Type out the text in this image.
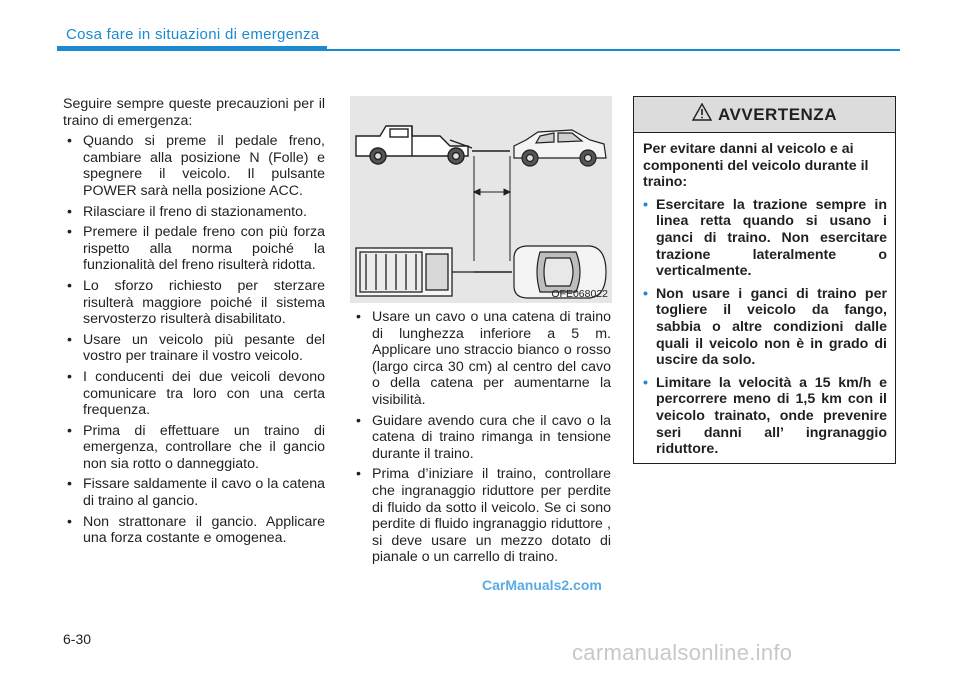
Cosa fare in situazioni di emergenza

Seguire sempre queste precauzioni per il traino di emergenza:

• Quando si preme il pedale freno, cambiare alla posizione N (Folle) e spegnere il veicolo. Il pulsante POWER sarà nella posizione ACC.
• Rilasciare il freno di stazionamento.
• Premere il pedale freno con più forza rispetto alla norma poiché la funzionalità del freno risulterà ridotta.
• Lo sforzo richiesto per sterzare risulterà maggiore poiché il sistema servosterzo risulterà disabilitato.
• Usare un veicolo più pesante del vostro per trainare il vostro veicolo.
• I conducenti dei due veicoli devono comunicare tra loro con una certa frequenza.
• Prima di effettuare un traino di emergenza, controllare che il gancio non sia rotto o danneggiato.
• Fissare saldamente il cavo o la catena di traino al gancio.
• Non strattonare il gancio. Applicare una forza costante e omogenea.
OFE068022
• Usare un cavo o una catena di traino di lunghezza inferiore a 5 m. Applicare uno straccio bianco o rosso (largo circa 30 cm) al centro del cavo o della catena per aumentarne la visibilità.
• Guidare avendo cura che il cavo o la catena di traino rimanga in tensione durante il traino.
• Prima d’iniziare il traino, controllare che ingranaggio riduttore per perdite di fluido da sotto il veicolo. Se ci sono perdite di fluido ingranaggio riduttore , si deve usare un mezzo dotato di pianale o un carrello di traino.
AVVERTENZA

Per evitare danni al veicolo e ai componenti del veicolo durante il traino:

• Esercitare la trazione sempre in linea retta quando si usano i ganci di traino. Non esercitare trazione lateralmente o verticalmente.
• Non usare i ganci di traino per togliere il veicolo da fango, sabbia o altre condizioni dalle quali il veicolo non è in grado di uscire da solo.
• Limitare la velocità a 15 km/h e percorrere meno di 1,5 km con il veicolo trainato, onde prevenire seri danni all’ ingranaggio riduttore.
CarManuals2.com
6-30
carmanualsonline.info
